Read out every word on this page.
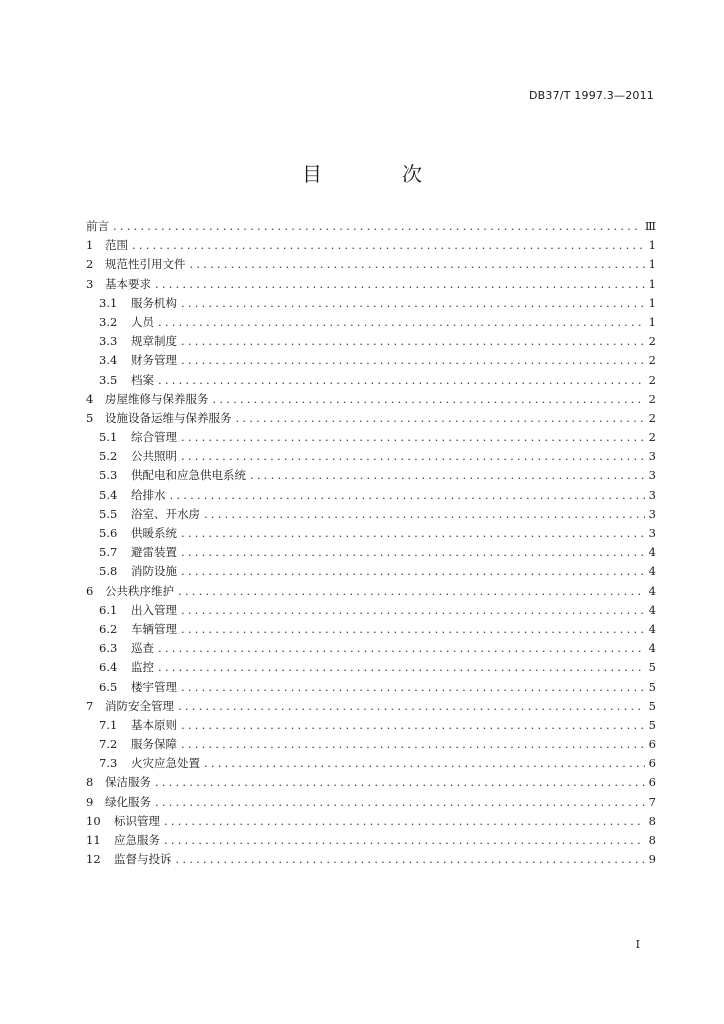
DB37/T 1997.3—2011
目　次
前言 .....	Ⅲ
1	范围 .....	1
2	规范性引用文件 .....	1
3	基本要求 .....	1
3.1	服务机构 .....	1
3.2	人员 .....	1
3.3	规章制度 .....	2
3.4	财务管理 .....	2
3.5	档案 .....	2
4	房屋维修与保养服务 .....	2
5	设施设备运维与保养服务 .....	2
5.1	综合管理 .....	2
5.2	公共照明 .....	3
5.3	供配电和应急供电系统 .....	3
5.4	给排水 .....	3
5.5	浴室、开水房 .....	3
5.6	供暖系统 .....	3
5.7	避雷装置 .....	4
5.8	消防设施 .....	4
6	公共秩序维护 .....	4
6.1	出入管理 .....	4
6.2	车辆管理 .....	4
6.3	巡查 .....	4
6.4	监控 .....	5
6.5	楼宇管理 .....	5
7	消防安全管理 .....	5
7.1	基本原则 .....	5
7.2	服务保障 .....	6
7.3	火灾应急处置 .....	6
8	保洁服务 .....	6
9	绿化服务 .....	7
10	标识管理 .....	8
11	应急服务 .....	8
12	监督与投诉 .....	9
I
